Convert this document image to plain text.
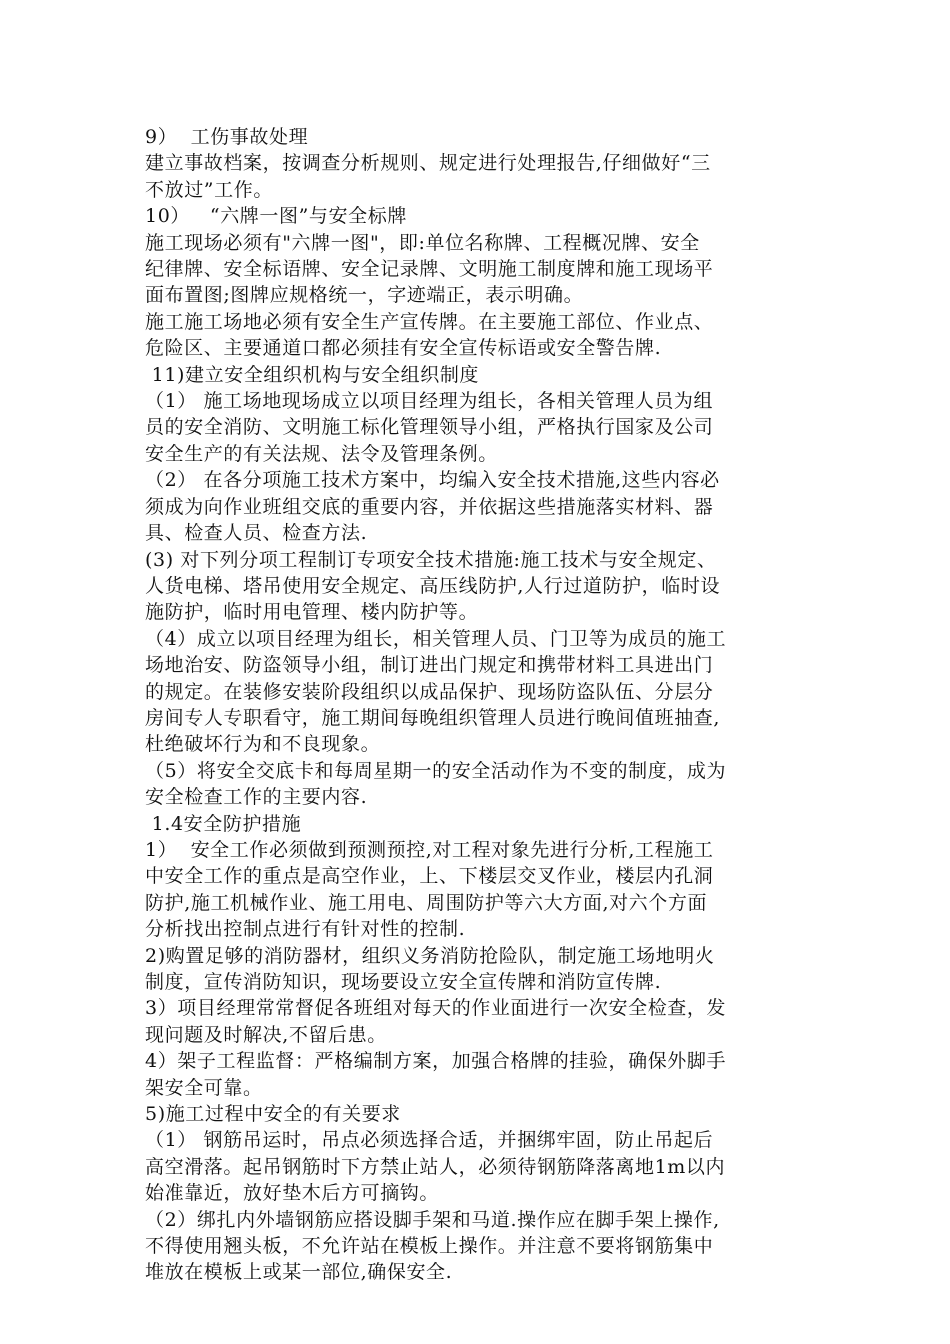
9）  工伤事故处理
建立事故档案，按调查分析规则、规定进行处理报告,仔细做好“三
不放过”工作。
10）   “六牌一图”与安全标牌
施工现场必须有"六牌一图"，即:单位名称牌、工程概况牌、安全
纪律牌、安全标语牌、安全记录牌、文明施工制度牌和施工现场平
面布置图;图牌应规格统一，字迹端正，表示明确。
施工施工场地必须有安全生产宣传牌。在主要施工部位、作业点、
危险区、主要通道口都必须挂有安全宣传标语或安全警告牌.
11)建立安全组织机构与安全组织制度
（1） 施工场地现场成立以项目经理为组长，各相关管理人员为组
员的安全消防、文明施工标化管理领导小组，严格执行国家及公司
安全生产的有关法规、法令及管理条例。
（2） 在各分项施工技术方案中，均编入安全技术措施,这些内容必
须成为向作业班组交底的重要内容，并依据这些措施落实材料、器
具、检查人员、检查方法.
(3) 对下列分项工程制订专项安全技术措施:施工技术与安全规定、
人货电梯、塔吊使用安全规定、高压线防护,人行过道防护，临时设
施防护，临时用电管理、楼内防护等。
（4）成立以项目经理为组长，相关管理人员、门卫等为成员的施工
场地治安、防盗领导小组，制订进出门规定和携带材料工具进出门
的规定。在装修安装阶段组织以成品保护、现场防盗队伍、分层分
房间专人专职看守，施工期间每晚组织管理人员进行晚间值班抽查,
杜绝破坏行为和不良现象。
（5）将安全交底卡和每周星期一的安全活动作为不变的制度，成为
安全检查工作的主要内容.
1.4安全防护措施
1）  安全工作必须做到预测预控,对工程对象先进行分析,工程施工
中安全工作的重点是高空作业，上、下楼层交叉作业，楼层内孔洞
防护,施工机械作业、施工用电、周围防护等六大方面,对六个方面
分析找出控制点进行有针对性的控制.
2)购置足够的消防器材，组织义务消防抢险队，制定施工场地明火
制度，宣传消防知识，现场要设立安全宣传牌和消防宣传牌.
3）项目经理常常督促各班组对每天的作业面进行一次安全检查，发
现问题及时解决,不留后患。
4）架子工程监督：严格编制方案，加强合格牌的挂验，确保外脚手
架安全可靠。
5)施工过程中安全的有关要求
（1） 钢筋吊运时，吊点必须选择合适，并捆绑牢固，防止吊起后
高空滑落。起吊钢筋时下方禁止站人，必须待钢筋降落离地1m以内
始准靠近，放好垫木后方可摘钩。
（2）绑扎内外墙钢筋应搭设脚手架和马道.操作应在脚手架上操作,
不得使用翘头板，不允许站在模板上操作。并注意不要将钢筋集中
堆放在模板上或某一部位,确保安全.
